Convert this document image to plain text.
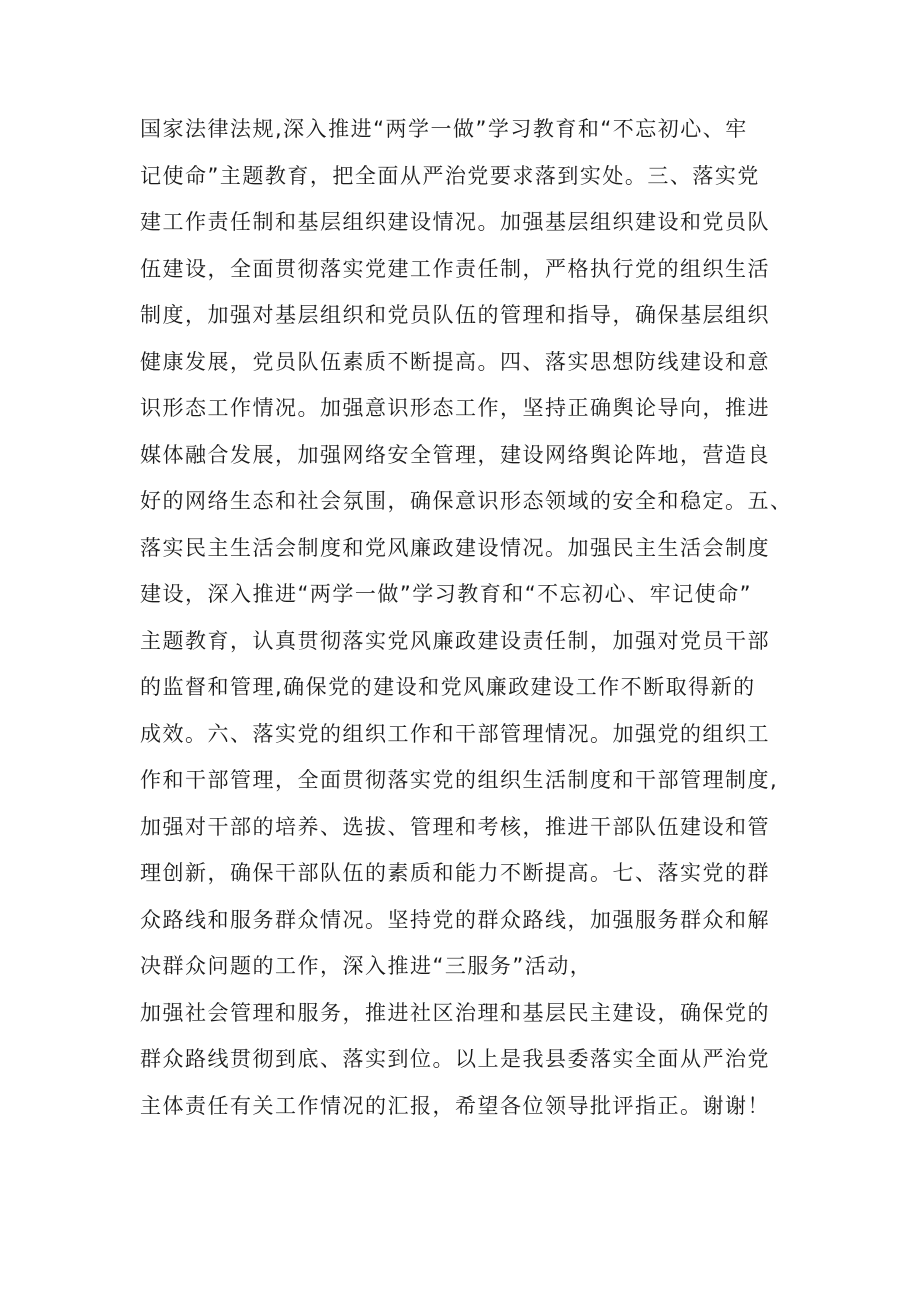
国家法律法规,深入推进“两学一做”学习教育和“不忘初心、牢
记使命”主题教育，把全面从严治党要求落到实处。三、落实党
建工作责任制和基层组织建设情况。加强基层组织建设和党员队
伍建设，全面贯彻落实党建工作责任制，严格执行党的组织生活
制度，加强对基层组织和党员队伍的管理和指导，确保基层组织
健康发展，党员队伍素质不断提高。四、落实思想防线建设和意
识形态工作情况。加强意识形态工作，坚持正确舆论导向，推进
媒体融合发展，加强网络安全管理，建设网络舆论阵地，营造良
好的网络生态和社会氛围，确保意识形态领域的安全和稳定。五、
落实民主生活会制度和党风廉政建设情况。加强民主生活会制度
建设，深入推进“两学一做”学习教育和“不忘初心、牢记使命”
主题教育，认真贯彻落实党风廉政建设责任制，加强对党员干部
的监督和管理,确保党的建设和党风廉政建设工作不断取得新的
成效。六、落实党的组织工作和干部管理情况。加强党的组织工
作和干部管理，全面贯彻落实党的组织生活制度和干部管理制度,
加强对干部的培养、选拔、管理和考核，推进干部队伍建设和管
理创新，确保干部队伍的素质和能力不断提高。七、落实党的群
众路线和服务群众情况。坚持党的群众路线，加强服务群众和解
决群众问题的工作，深入推进“三服务”活动，
加强社会管理和服务，推进社区治理和基层民主建设，确保党的
群众路线贯彻到底、落实到位。以上是我县委落实全面从严治党
主体责任有关工作情况的汇报，希望各位领导批评指正。谢谢！
